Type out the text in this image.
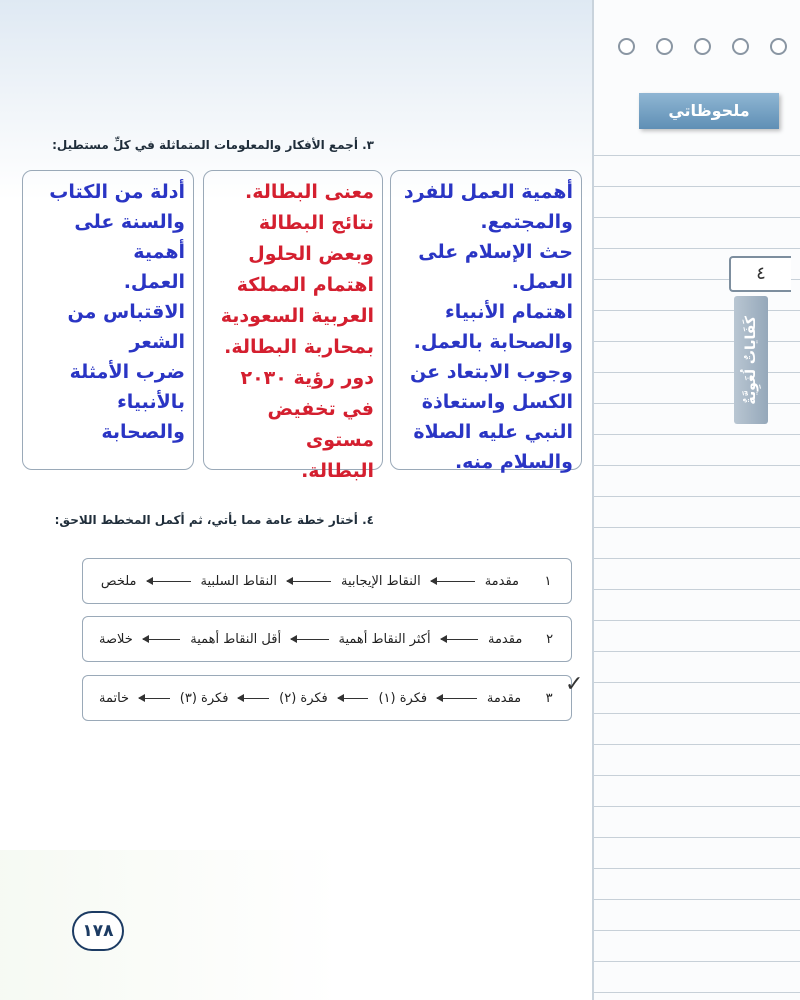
٣. أجمع الأفكار والمعلومات المتماثلة في كلِّ مستطيل:

أهمية العمل للفرد

والمجتمع.

حث الإسلام على

العمل.

اهتمام الأنبياء

والصحابة بالعمل.

وجوب الابتعاد عن

الكسل واستعاذة

النبي عليه الصلاة

والسلام منه.

معنى البطالة.

نتائج البطالة

وبعض الحلول

اهتمام المملكة

العربية السعودية

بمحاربة البطالة.

دور رؤية ٢٠٣٠

في تخفيض مستوى

البطالة.

أدلة من الكتاب

والسنة على أهمية

العمل.

الاقتباس من الشعر

ضرب الأمثلة

بالأنبياء والصحابة

٤. أختار خطة عامة مما يأتي، ثم أكمل المخطط اللاحق:
١
مقدمة
النقاط الإيجابية
النقاط السلبية
ملخص
٢
مقدمة
أكثر النقاط أهمية
أقل النقاط أهمية
خلاصة
٣
مقدمة
فكرة (١)
فكرة (٢)
فكرة (٣)
خاتمة
✓
١٧٨
ملحوظاتي
٤
كَفَاياتٌ لُغَوِيَّةٌ
